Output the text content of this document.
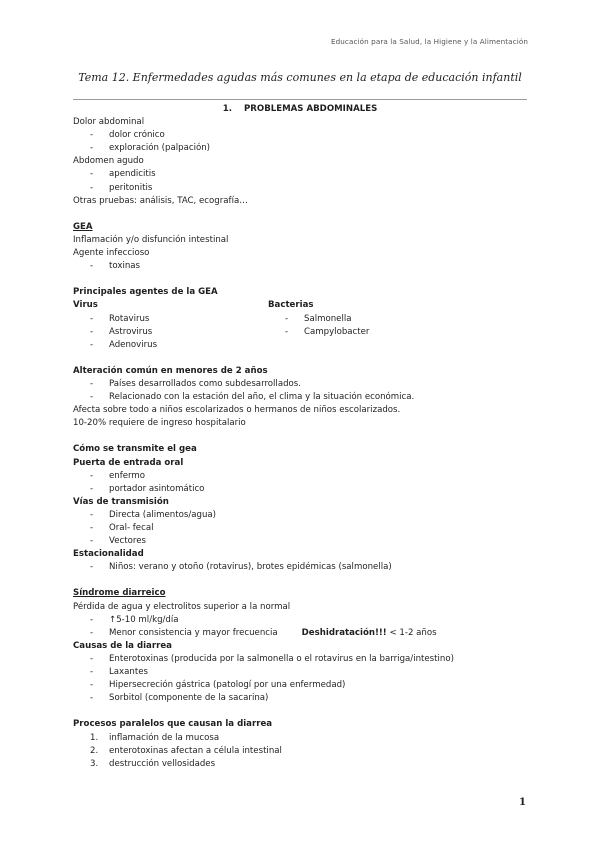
Educación para la Salud, la Higiene y la Alimentación
Tema 12. Enfermedades agudas más comunes en la etapa de educación infantil
1. PROBLEMAS ABDOMINALES
Dolor abdominal
- dolor crónico
- exploración (palpación)
Abdomen agudo
- apendicitis
- peritonitis
Otras pruebas: análisis, TAC, ecografía…
GEA
Inflamación y/o disfunción intestinal
Agente infeccioso
- toxinas
Principales agentes de la GEA
Virus
- Rotavirus
- Astrovirus
- Adenovirus
Bacterias
- Salmonella
- Campylobacter
Alteración común en menores de 2 años
- Países desarrollados como subdesarrollados.
- Relacionado con la estación del año, el clima y la situación económica.
Afecta sobre todo a niños escolarizados o hermanos de niños escolarizados.
10-20% requiere de ingreso hospitalario
Cómo se transmite el gea
Puerta de entrada oral
- enfermo
- portador asintomático
Vías de transmisión
- Directa (alimentos/agua)
- Oral- fecal
- Vectores
Estacionalidad
- Niños: verano y otoño (rotavirus), brotes epidémicas (salmonella)
Síndrome diarreico
Pérdida de agua y electrolitos superior a la normal
- ↑5-10 ml/kg/día
- Menor consistencia y mayor frecuencia	Deshidratación!!! < 1-2 años
Causas de la diarrea
- Enterotoxinas (producida por la salmonella o el rotavirus en la barriga/intestino)
- Laxantes
- Hipersecreción gástrica (patologí por una enfermedad)
- Sorbitol (componente de la sacarina)
Procesos paralelos que causan la diarrea
1. inflamación de la mucosa
2. enterotoxinas afectan a célula intestinal
3. destrucción vellosidades
1
